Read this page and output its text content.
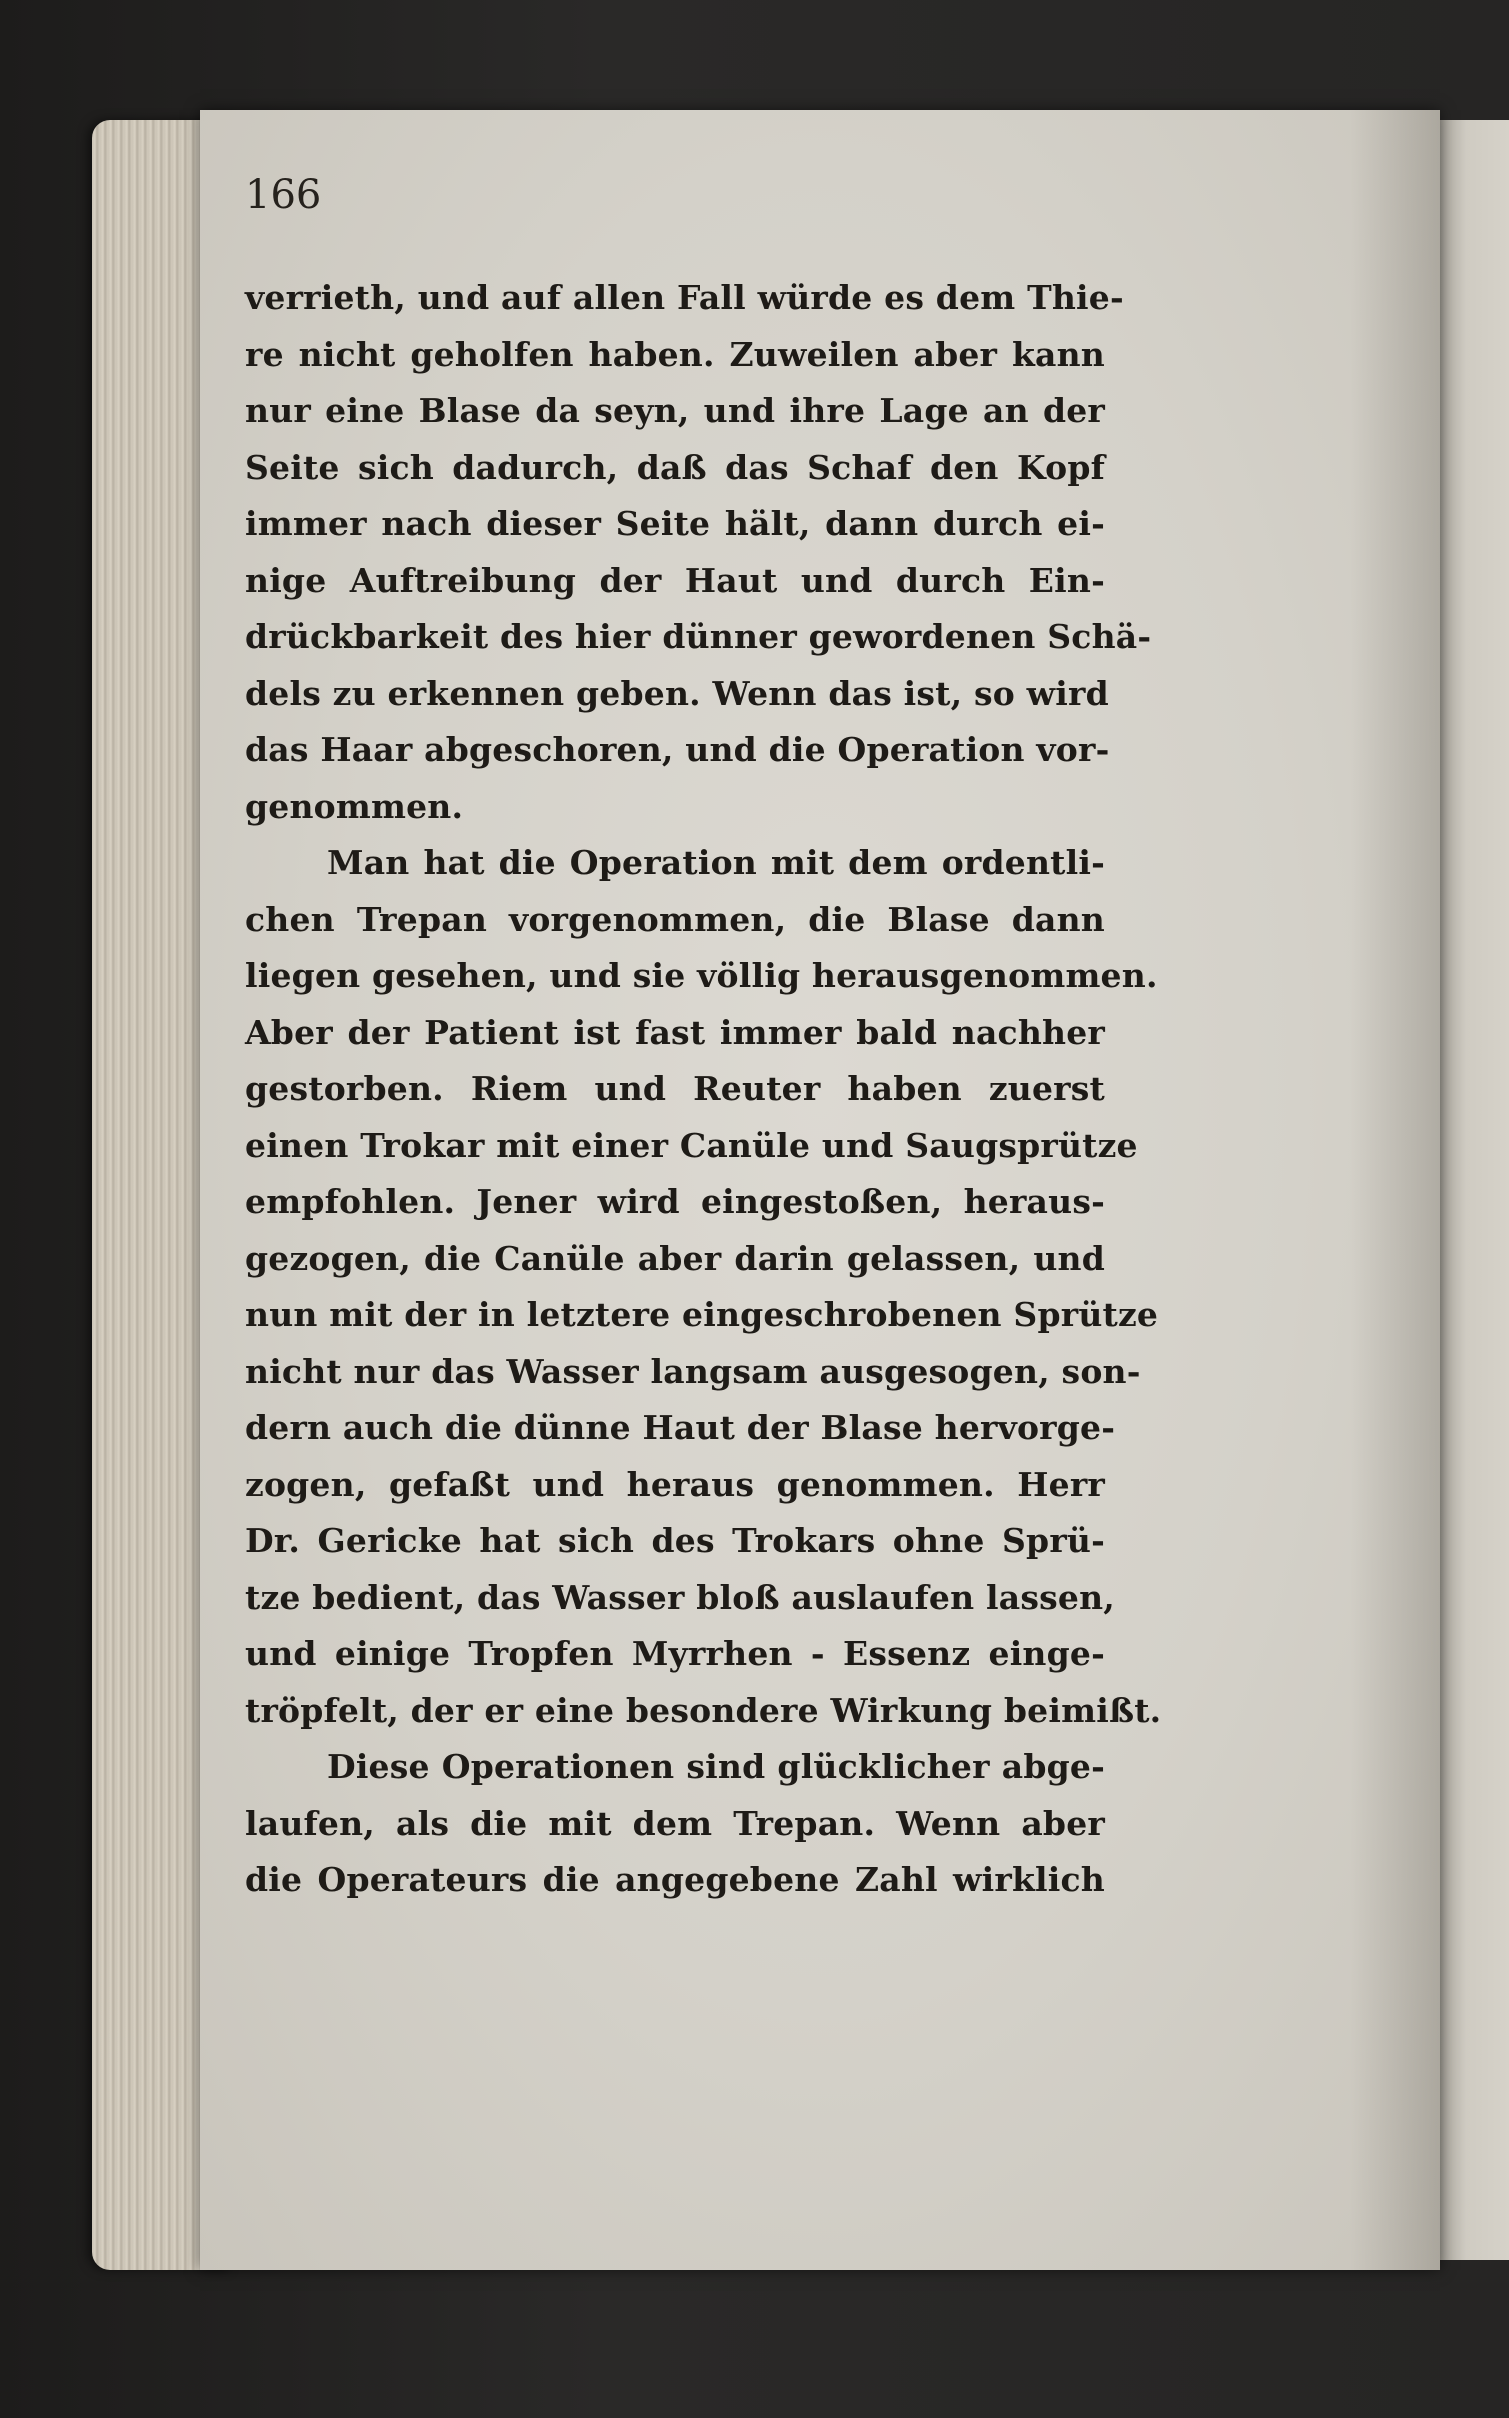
166
verrieth, und auf allen Fall würde es dem Thie-
re nicht geholfen haben. Zuweilen aber kann
nur eine Blase da seyn, und ihre Lage an der
Seite sich dadurch, daß das Schaf den Kopf
immer nach dieser Seite hält, dann durch ei-
nige Auftreibung der Haut und durch Ein-
drückbarkeit des hier dünner gewordenen Schä-
dels zu erkennen geben. Wenn das ist, so wird
das Haar abgeschoren, und die Operation vor-
genommen.
Man hat die Operation mit dem ordentli-
chen Trepan vorgenommen, die Blase dann
liegen gesehen, und sie völlig herausgenommen.
Aber der Patient ist fast immer bald nachher
gestorben. Riem und Reuter haben zuerst
einen Trokar mit einer Canüle und Saugsprütze
empfohlen. Jener wird eingestoßen, heraus-
gezogen, die Canüle aber darin gelassen, und
nun mit der in letztere eingeschrobenen Sprütze
nicht nur das Wasser langsam ausgesogen, son-
dern auch die dünne Haut der Blase hervorge-
zogen, gefaßt und heraus genommen. Herr
Dr. Gericke hat sich des Trokars ohne Sprü-
tze bedient, das Wasser bloß auslaufen lassen,
und einige Tropfen Myrrhen - Essenz einge-
tröpfelt, der er eine besondere Wirkung beimißt.
Diese Operationen sind glücklicher abge-
laufen, als die mit dem Trepan. Wenn aber
die Operateurs die angegebene Zahl wirklich
